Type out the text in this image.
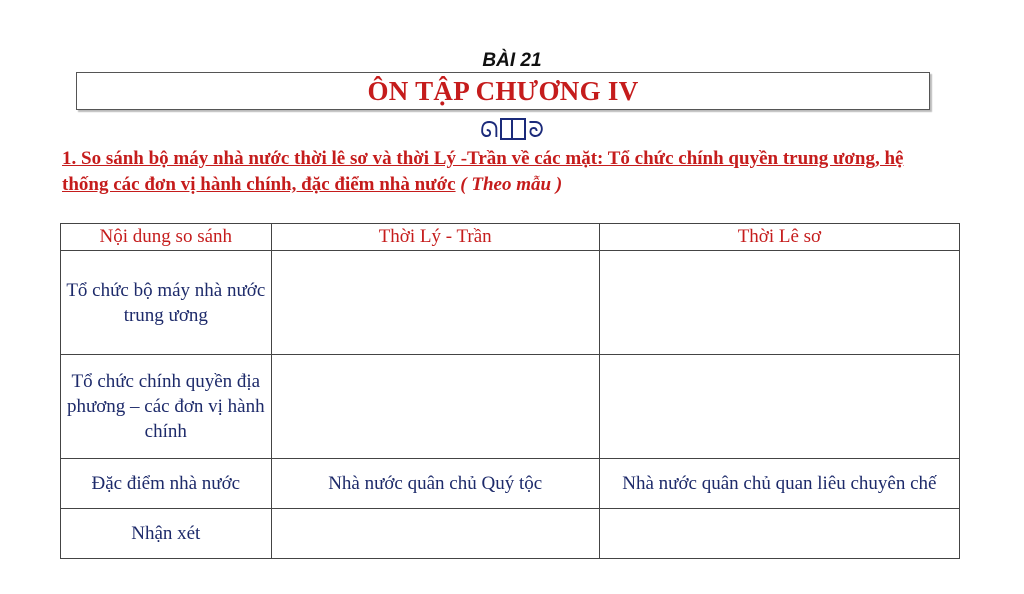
BÀI 21
ÔN TẬP CHƯƠNG IV
ᘏ ᘐ
1. So sánh bộ máy nhà nước thời lê sơ và thời Lý -Trần về các mặt: Tổ chức chính quyền trung ương, hệ thống các đơn vị hành chính, đặc điểm nhà nước ( Theo mẫu )
Nội dung so sánh	Thời Lý - Trần	Thời Lê sơ
Tổ chức bộ máy nhà nước trung ương		
Tổ chức chính quyền địa phương – các đơn vị hành chính		
Đặc điểm nhà nước	Nhà nước quân chủ Quý tộc	Nhà nước quân chủ quan liêu chuyên chế
Nhận xét		
